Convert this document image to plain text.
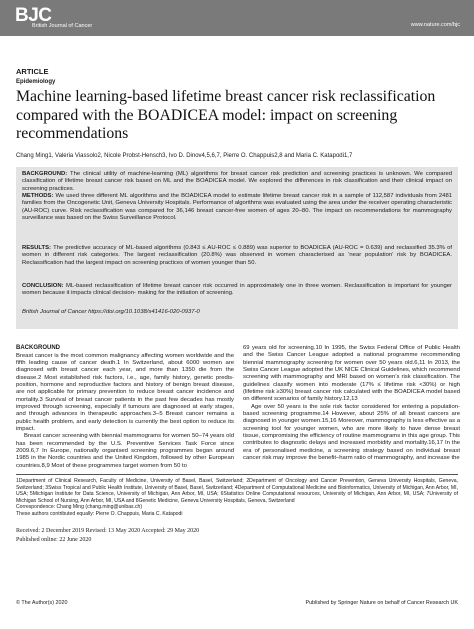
BJC
British Journal of Cancer	www.nature.com/bjc
ARTICLE
Epidemiology
Machine learning-based lifetime breast cancer risk reclassification compared with the BOADICEA model: impact on screening recommendations
Chang Ming1, Valeria Viassolo2, Nicole Probst-Hensch3, Ivo D. Dinov4,5,6,7, Pierre O. Chappuis2,8 and Maria C. Katapodi1,7
BACKGROUND: The clinical utility of machine-learning (ML) algorithms for breast cancer risk prediction and screening practices is unknown. We compared classification of lifetime breast cancer risk based on ML and the BOADICEA model. We explored the differences in risk classification and their clinical impact on screening practices.
METHODS: We used three different ML algorithms and the BOADICEA model to estimate lifetime breast cancer risk in a sample of 112,587 individuals from 2481 families from the Oncogenetic Unit, Geneva University Hospitals. Performance of algorithms was evaluated using the area under the receiver operating characteristic (AU-ROC) curve. Risk reclassification was compared for 36,146 breast cancer-free women of ages 20–80. The impact on recommendations for mammography surveillance was based on the Swiss Surveillance Protocol.
RESULTS: The predictive accuracy of ML-based algorithms (0.843 ≤ AU-ROC ≤ 0.889) was superior to BOADICEA (AU-ROC = 0.639) and reclassified 35.3% of women in different risk categories. The largest reclassification (20.8%) was observed in women characterised as ‘near population’ risk by BOADICEA. Reclassification had the largest impact on screening practices of women younger than 50.
CONCLUSION: ML-based reclassification of lifetime breast cancer risk occurred in approximately one in three women. Reclassification is important for younger women because it impacts clinical decision- making for the initiation of screening.
British Journal of Cancer https://doi.org/10.1038/s41416-020-0937-0
BACKGROUND

Breast cancer is the most common malignancy affecting women worldwide and the fifth leading cause of cancer death.1 In Switzerland, about 6000 women are diagnosed with breast cancer each year, and more than 1350 die from the disease.2 Most established risk factors, i.e., age, family history, genetic predis- position, hormone and reproductive factors and history of benign breast disease, are not applicable for primary prevention to reduce breast cancer incidence and mortality.3 Survival of breast cancer patients in the past few decades has mostly improved through screening, especially if tumours are diagnosed at early stages, and through advances in therapeutic approaches.3–5 Breast cancer remains a public health problem, and early detection is currently the best option to reduce its impact.

Breast cancer screening with biennial mammograms for women 50–74 years old has been recommended by the U.S. Preventive Services Task Force since 2009.6,7 In Europe, nationally organised screening programmes began around 1985 in the Nordic countries and the United Kingdom, followed by other European countries.8,9 Most of these programmes target women from 50 to

69 years old for screening.10 In 1995, the Swiss Federal Office of Public Health and the Swiss Cancer League adopted a national programme recommending biennial mammography screening for women over 50 years old.6,11 In 2013, the Swiss Cancer League adopted the UK NICE Clinical Guidelines, which recommend screening with mammography and MRI based on women’s risk classification. The guidelines classify women into moderate (17% ≤ lifetime risk <30%) or high (lifetime risk ≥30%) breast cancer risk calculated with the BOADICEA model based on different scenarios of family history.12,13

Age over 50 years is the sole risk factor considered for entering a population-based screening programme.14 However, about 25% of all breast cancers are diagnosed in younger women.15,16 Moreover, mammography is less effective as a screening tool for younger women, who are more likely to have dense breast tissue, compromising the efficiency of routine mammograms in this age group. This contributes to diagnostic delays and increased morbidity and mortality.16,17 In the era of personalised medicine, a screening strategy based on individual breast cancer risk may improve the benefit–harm ratio of mammography, and increase the

1Department of Clinical Research, Faculty of Medicine, University of Basel, Basel, Switzerland; 2Department of Oncology and Cancer Prevention, Geneva University Hospitals, Geneva, Switzerland; 3Swiss Tropical and Public Health Institute, University of Basel, Basel, Switzerland; 4Department of Computational Medicine and Bioinformatics, University of Michigan, Ann Arbor, MI, USA; 5Michigan Institute for Data Science, University of Michigan, Ann Arbor, MI, USA; 6Statistics Online Computational resources, University of Michigan, Ann Arbor, MI, USA; 7University of Michigan School of Nursing, Ann Arbor, MI, USA and 8Genetic Medicine, Geneva University Hospitals, Geneva, Switzerland
Correspondence: Chang Ming (chang.ming@unibas.ch)
These authors contributed equally: Pierre O. Chappuis, Maria C. Katapodi
Received: 2 December 2019 Revised: 13 May 2020 Accepted: 29 May 2020
Published online: 22 June 2020
© The Author(s) 2020	Published by Springer Nature on behalf of Cancer Research UK
